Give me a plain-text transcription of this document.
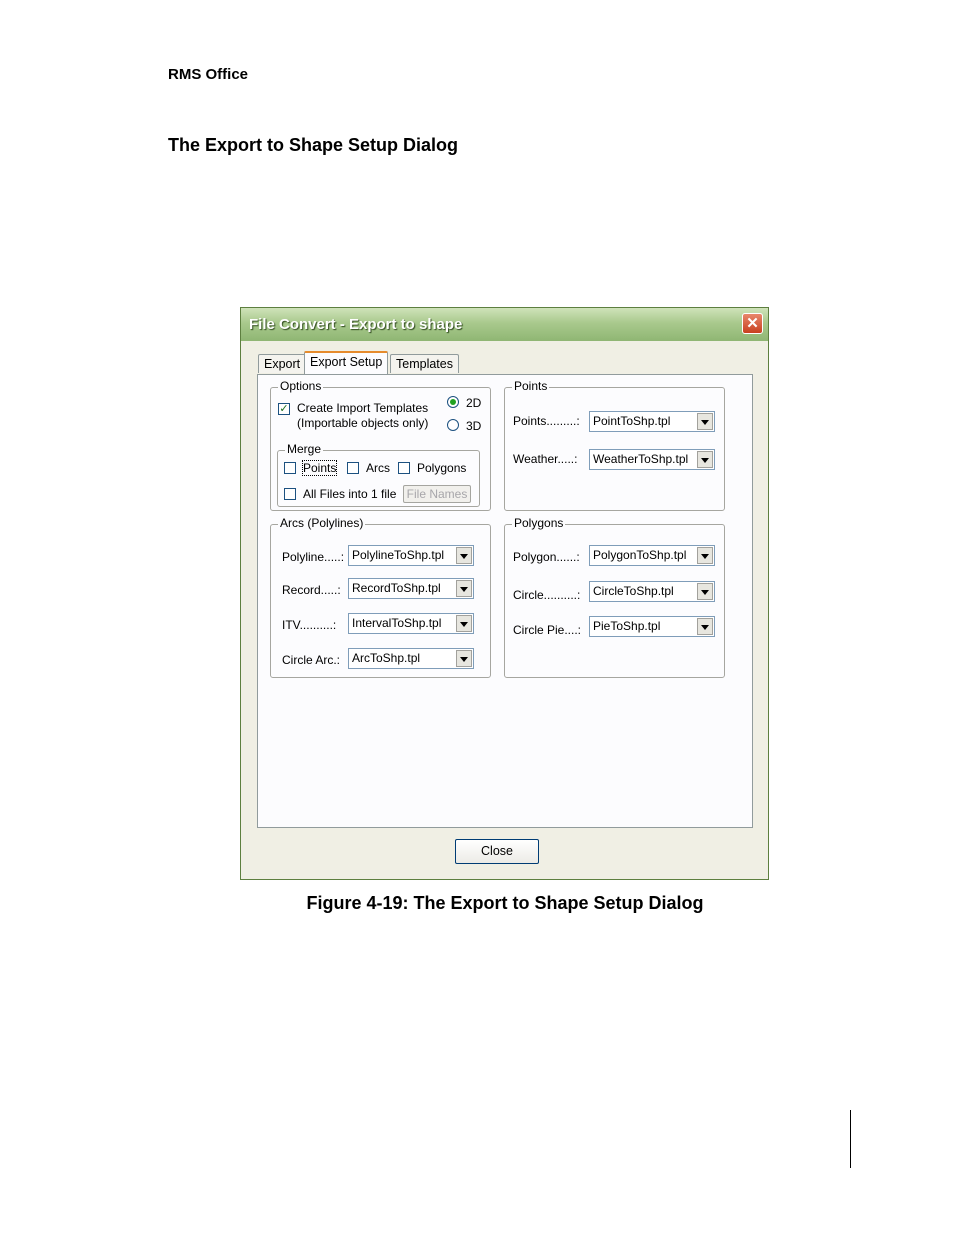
RMS Office
The Export to Shape Setup Dialog
File Convert - Export to shape	✕
Export Export Setup	Templates
Options
✓ Create Import Templates
(Importable objects only)
2D
3D
Merge
Points Arcs Polygons
All Files into 1 file File Names
Points
Points.........: PointToShp.tpl
Weather.....: WeatherToShp.tpl
Arcs (Polylines)
Polyline.....: PolylineToShp.tpl
Record.....: RecordToShp.tpl
ITV..........: IntervalToShp.tpl
Circle Arc.: ArcToShp.tpl
Polygons
Polygon......: PolygonToShp.tpl
Circle..........: CircleToShp.tpl
Circle Pie....: PieToShp.tpl
Close
Figure 4-19: The Export to Shape Setup Dialog
